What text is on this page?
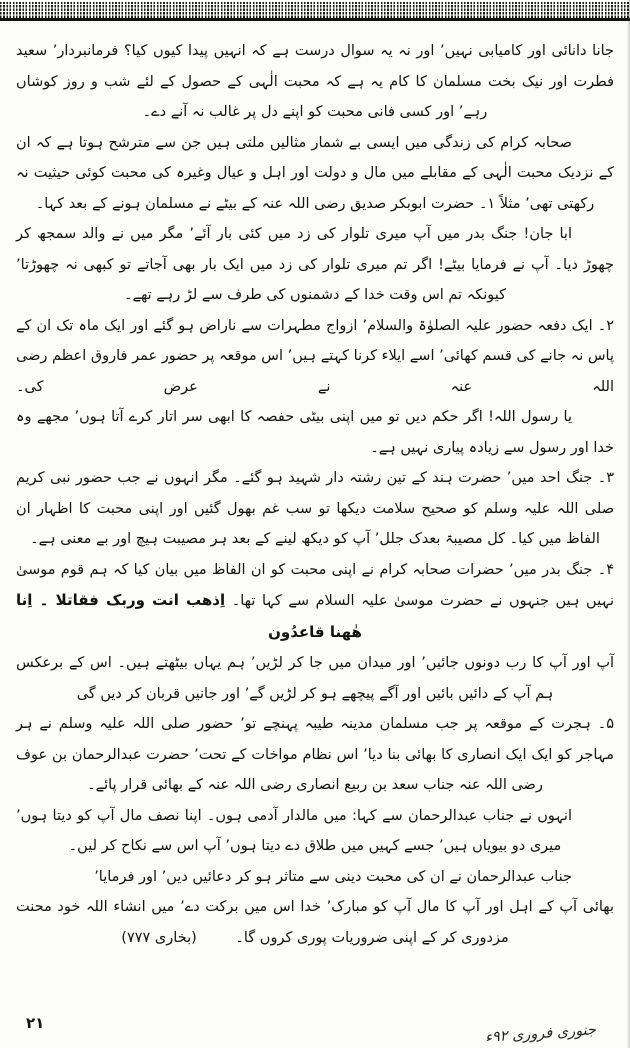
جانا دانائی اور کامیابی نہیں’ اور نہ یہ سوال درست ہے کہ انہیں پیدا کیوں کیا؟ فرمانبردار’ سعید فطرت اور نیک بخت مسلمان کا کام یہ ہے کہ محبت الٰہی کے حصول کے لئے شب و روز کوشاں رہے’ اور کسی فانی محبت کو اپنے دل پر غالب نہ آنے دے۔

صحابہ کرام کی زندگی میں ایسی بے شمار مثالیں ملتی ہیں جن سے مترشح ہوتا ہے کہ ان کے نزدیک محبت الٰہی کے مقابلے میں مال و دولت اور اہل و عیال وغیرہ کی محبت کوئی حیثیت نہ رکھتی تھی’ مثلاً ۱۔ حضرت ابوبکر صدیق رضی اللہ عنہ کے بیٹے نے مسلمان ہونے کے بعد کہا۔

ابا جان! جنگ بدر میں آپ میری تلوار کی زد میں کئی بار آئے’ مگر میں نے والد سمجھ کر چھوڑ دیا۔ آپ نے فرمایا بیٹے! اگر تم میری تلوار کی زد میں ایک بار بھی آجاتے تو کبھی نہ چھوڑتا’ کیونکہ تم اس وقت خدا کے دشمنوں کی طرف سے لڑ رہے تھے۔

۲۔ ایک دفعہ حضور علیہ الصلوٰۃ والسلام’ ازواج مطہرات سے ناراض ہو گئے اور ایک ماہ تک ان کے پاس نہ جانے کی قسم کھائی’ اسے ایلاء کرنا کہتے ہیں’ اس موقعہ پر حضور عمر فاروق اعظم رضی اللہ عنہ نے عرض کی۔

یا رسول اللہ! اگر حکم دیں تو میں اپنی بیٹی حفصہ کا ابھی سر اتار کرے آتا ہوں’ مجھے وہ خدا اور رسول سے زیادہ پیاری نہیں ہے۔

۳۔ جنگ احد میں’ حضرت ہند کے تین رشتہ دار شہید ہو گئے۔ مگر انہوں نے جب حضور نبی کریم صلی اللہ علیہ وسلم کو صحیح سلامت دیکھا تو سب غم بھول گئیں اور اپنی محبت کا اظہار ان الفاظ میں کیا۔ کل مصیبۃ بعدک جلل’ آپ کو دیکھ لینے کے بعد ہر مصیبت ہیچ اور بے معنی ہے۔

۴۔ جنگ بدر میں’ حضرات صحابہ کرام نے اپنی محبت کو ان الفاظ میں بیان کیا کہ ہم قوم موسیٰ نہیں ہیں جنہوں نے حضرت موسیٰ علیہ السلام سے کہا تھا۔ اِذهب انت وربک فقاتلا ۔ اِنا هٰهنا قاعدُون

آپ اور آپ کا رب دونوں جائیں’ اور میدان میں جا کر لڑیں’ ہم یہاں بیٹھتے ہیں۔ اس کے برعکس ہم آپ کے دائیں بائیں اور آگے پیچھے ہو کر لڑیں گے’ اور جانیں قربان کر دیں گی

۵۔ ہجرت کے موقعہ پر جب مسلمان مدینہ طیبہ پہنچے تو’ حضور صلی اللہ علیہ وسلم نے ہر مہاجر کو ایک ایک انصاری کا بھائی بنا دیا’ اس نظام مواخات کے تحت’ حضرت عبدالرحمان بن عوف رضی اللہ عنہ جناب سعد بن ربیع انصاری رضی اللہ عنہ کے بھائی قرار پائے۔

انہوں نے جناب عبدالرحمان سے کہا: میں مالدار آدمی ہوں۔ اپنا نصف مال آپ کو دیتا ہوں’ میری دو بیویاں ہیں’ جسے کہیں میں طلاق دے دیتا ہوں’ آپ اس سے نکاح کر لیں۔

جناب عبدالرحمان نے ان کی محبت دینی سے متاثر ہو کر دعائیں دیں’ اور فرمایا’

بھائی آپ کے اہل اور آپ کا مال آپ کو مبارک’ خدا اس میں برکت دے’ میں انشاء اللہ خود محنت مزدوری کر کے اپنی ضروریات پوری کروں گا۔ (بخاری ۷۷۷)

۲۱
جنوری فروری ۹۲ء
